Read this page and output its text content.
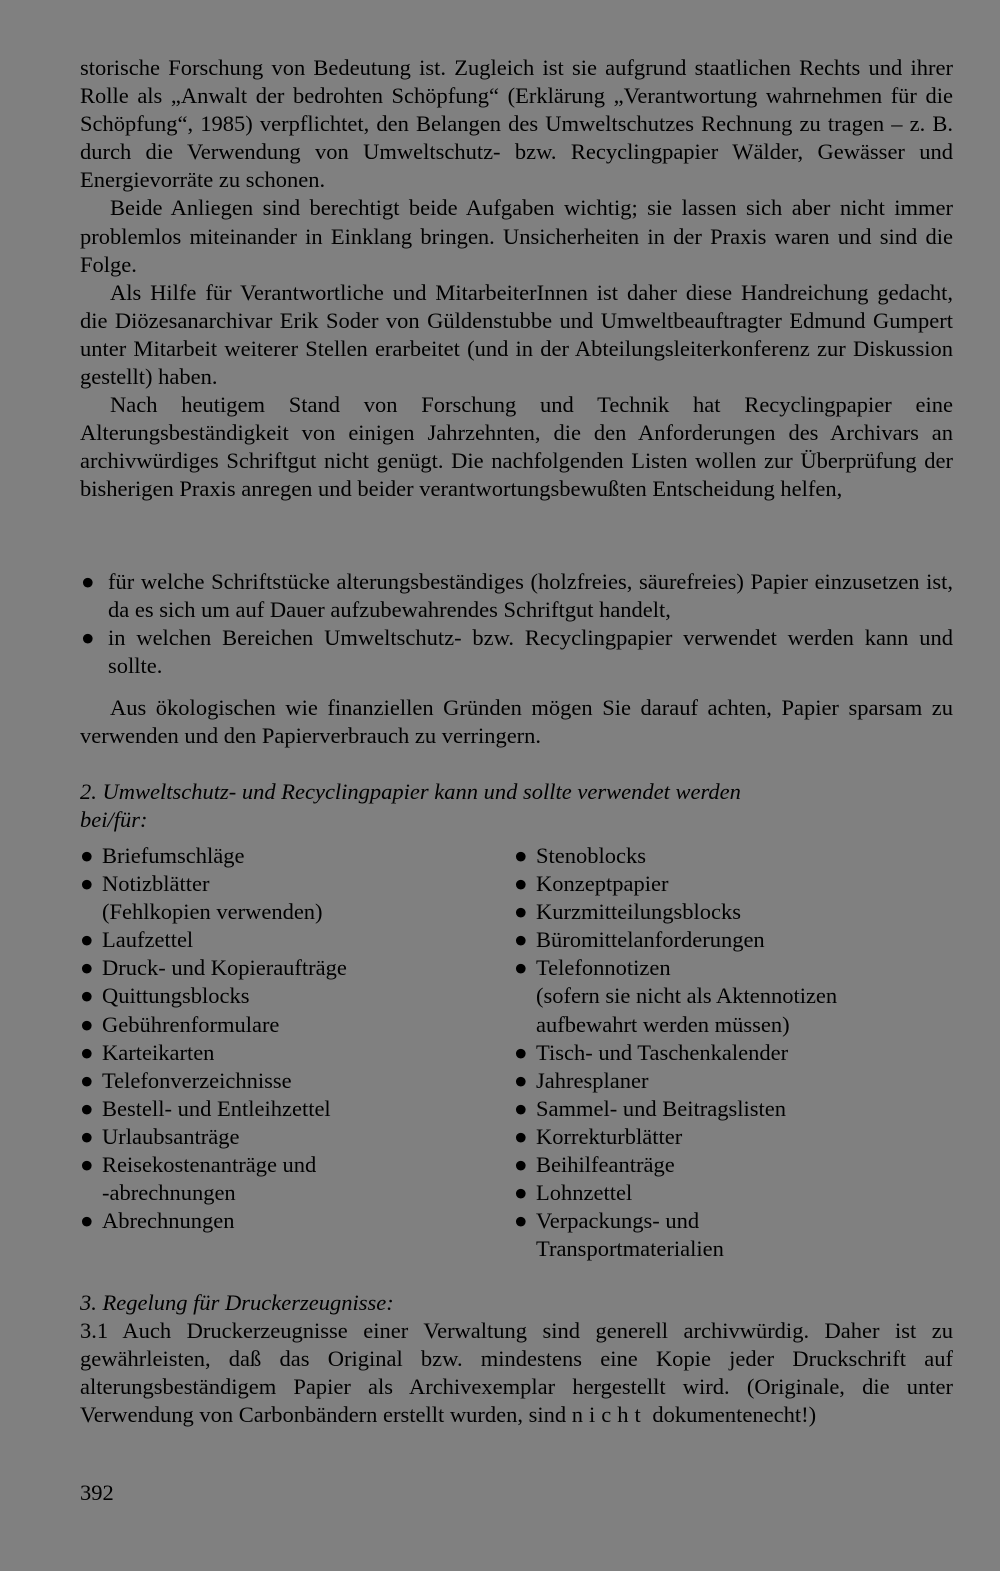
storische Forschung von Bedeutung ist. Zugleich ist sie aufgrund staatlichen Rechts und ihrer Rolle als „Anwalt der bedrohten Schöpfung“ (Erklärung „Verantwortung wahrnehmen für die Schöpfung“, 1985) verpflichtet, den Belangen des Umweltschutzes Rechnung zu tragen – z. B. durch die Verwendung von Umweltschutz- bzw. Recyclingpapier Wälder, Gewässer und Energievorräte zu schonen.

Beide Anliegen sind berechtigt beide Aufgaben wichtig; sie lassen sich aber nicht immer problemlos miteinander in Einklang bringen. Unsicherheiten in der Praxis waren und sind die Folge.

Als Hilfe für Verantwortliche und MitarbeiterInnen ist daher diese Handreichung gedacht, die Diözesanarchivar Erik Soder von Güldenstubbe und Umweltbeauftragter Edmund Gumpert unter Mitarbeit weiterer Stellen erarbeitet (und in der Abteilungsleiterkonferenz zur Diskussion gestellt) haben.

Nach heutigem Stand von Forschung und Technik hat Recyclingpapier eine Alterungsbeständigkeit von einigen Jahrzehnten, die den Anforderungen des Archivars an archivwürdiges Schriftgut nicht genügt. Die nachfolgenden Listen wollen zur Überprüfung der bisherigen Praxis anregen und beider verantwortungsbewußten Entscheidung helfen,

● für welche Schriftstücke alterungsbeständiges (holzfreies, säurefreies) Papier einzusetzen ist, da es sich um auf Dauer aufzubewahrendes Schriftgut handelt,
● in welchen Bereichen Umweltschutz- bzw. Recyclingpapier verwendet werden kann und sollte.

Aus ökologischen wie finanziellen Gründen mögen Sie darauf achten, Papier sparsam zu verwenden und den Papierverbrauch zu verringern.

2. Umweltschutz- und Recyclingpapier kann und sollte verwendet werden

bei/für:

● Briefumschläge

● Notizblätter
(Fehlkopien verwenden)

● Laufzettel

● Druck- und Kopieraufträge

● Quittungsblocks

● Gebührenformulare

● Karteikarten

● Telefonverzeichnisse

● Bestell- und Entleihzettel

● Urlaubsanträge

● Reisekostenanträge und
-abrechnungen

● Abrechnungen

● Stenoblocks

● Konzeptpapier

● Kurzmitteilungsblocks

● Büromittelanforderungen

● Telefonnotizen
(sofern sie nicht als Aktennotizen
aufbewahrt werden müssen)

● Tisch- und Taschenkalender

● Jahresplaner

● Sammel- und Beitragslisten

● Korrekturblätter

● Beihilfeanträge

● Lohnzettel

● Verpackungs- und
Transportmaterialien

3. Regelung für Druckerzeugnisse:

3.1 Auch Druckerzeugnisse einer Verwaltung sind generell archivwürdig. Daher ist zu gewährleisten, daß das Original bzw. mindestens eine Kopie jeder Druckschrift auf alterungsbeständigem Papier als Archivexemplar hergestellt wird. (Originale, die unter Verwendung von Carbonbändern erstellt wurden, sind nicht dokumentenecht!)

392
